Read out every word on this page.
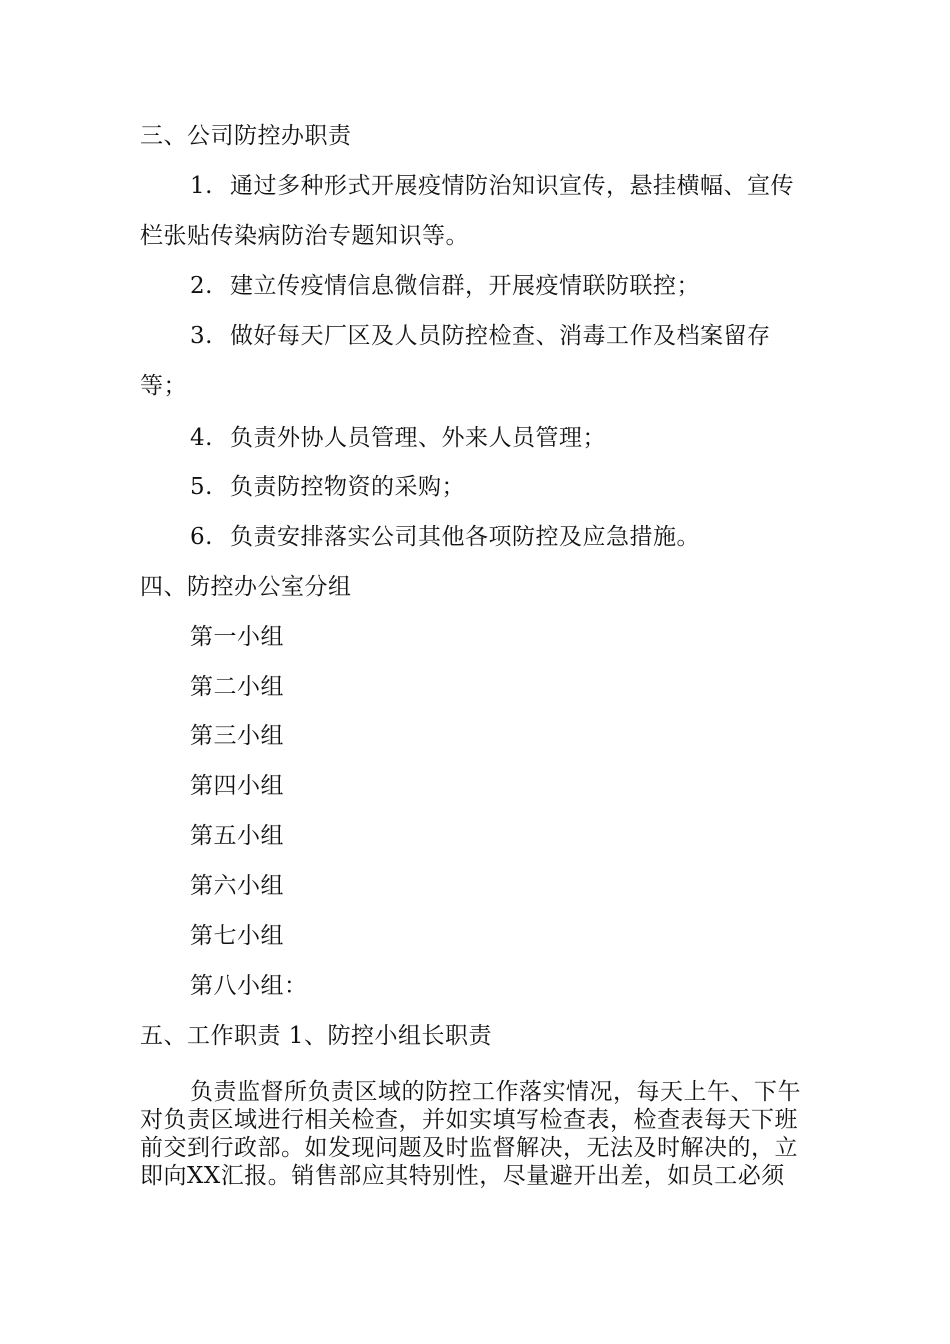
三、公司防控办职责
1. 通过多种形式开展疫情防治知识宣传，悬挂横幅、宣传
栏张贴传染病防治专题知识等。
2. 建立传疫情信息微信群，开展疫情联防联控；
3. 做好每天厂区及人员防控检查、消毒工作及档案留存
等；
4. 负责外协人员管理、外来人员管理；
5. 负责防控物资的采购；
6. 负责安排落实公司其他各项防控及应急措施。
四、防控办公室分组
第一小组
第二小组
第三小组
第四小组
第五小组
第六小组
第七小组
第八小组：
五、工作职责 1、防控小组长职责
负责监督所负责区域的防控工作落实情况，每天上午、下午
对负责区域进行相关检查，并如实填写检查表，检查表每天下班
前交到行政部。如发现问题及时监督解决，无法及时解决的，立
即向XX汇报。销售部应其特别性，尽量避开出差，如员工必须
